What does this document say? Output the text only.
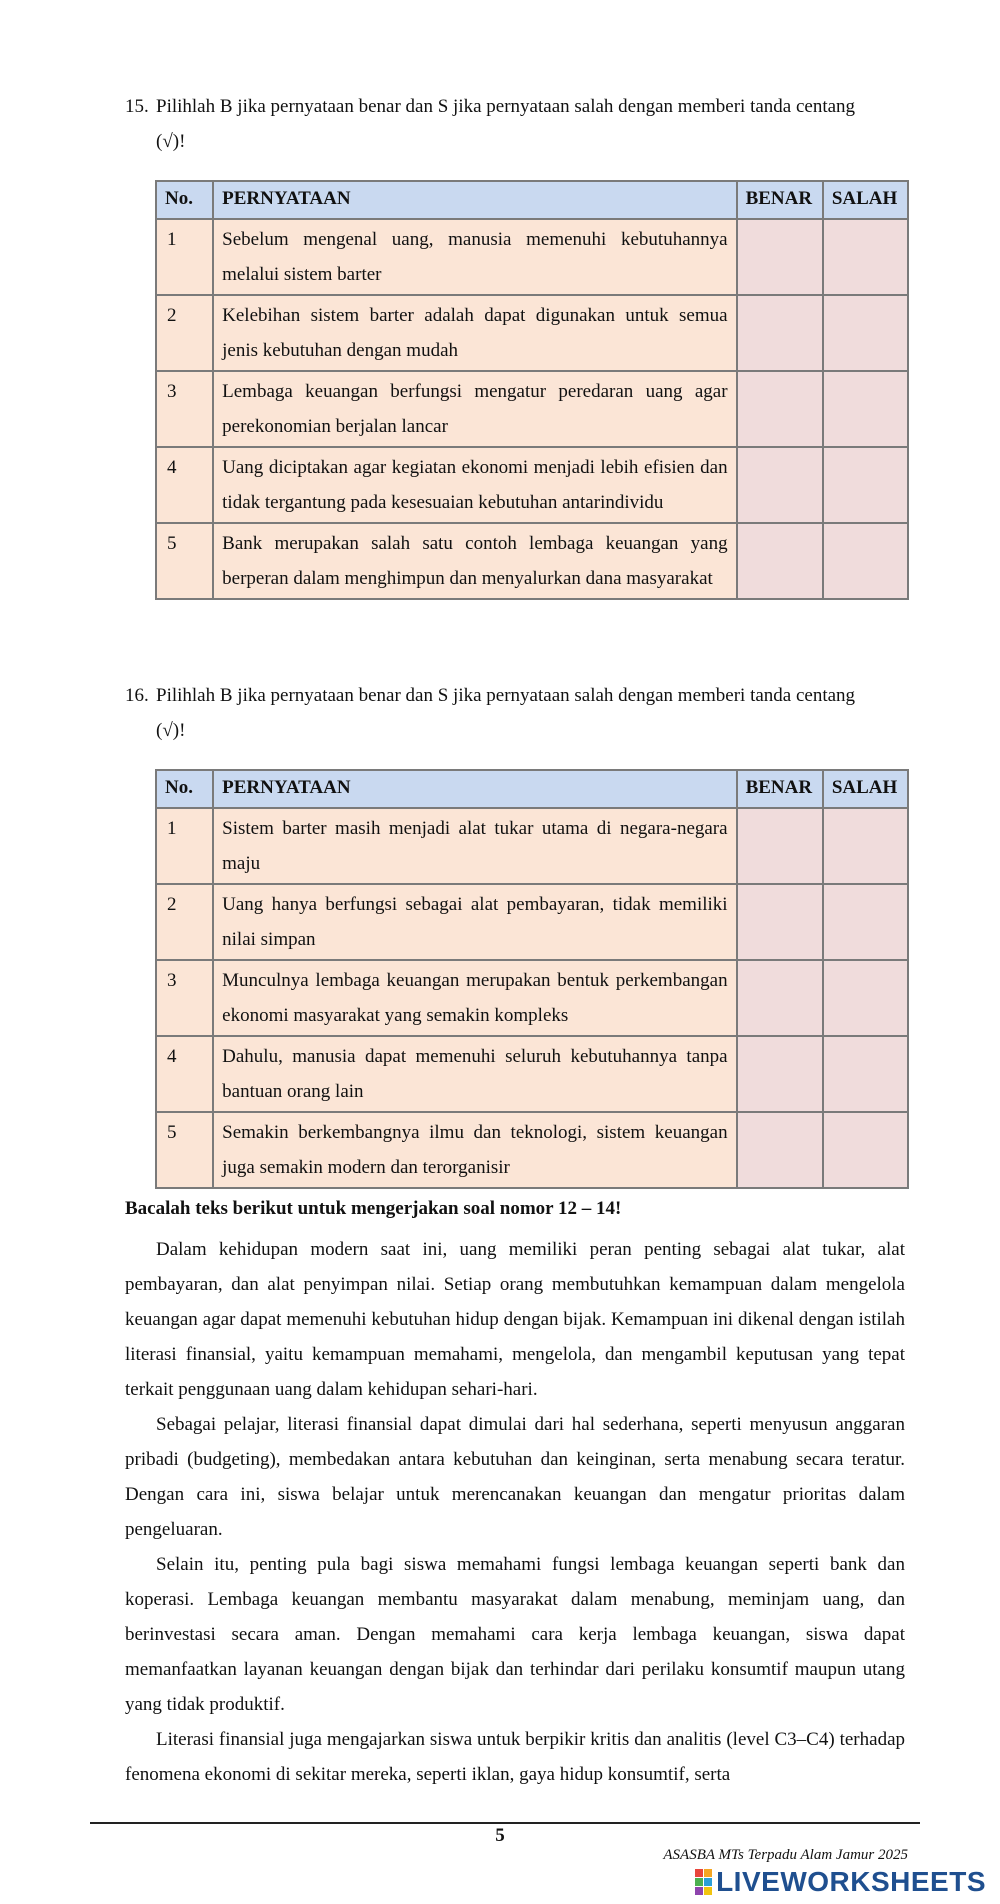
15. Pilihlah B jika pernyataan benar dan S jika pernyataan salah dengan memberi tanda centang
(√)!
No.	PERNYATAAN	BENAR	SALAH
1	Sebelum mengenal uang, manusia memenuhi kebutuhannya melalui sistem barter		
2	Kelebihan sistem barter adalah dapat digunakan untuk semua jenis kebutuhan dengan mudah		
3	Lembaga keuangan berfungsi mengatur peredaran uang agar perekonomian berjalan lancar		
4	Uang diciptakan agar kegiatan ekonomi menjadi lebih efisien dan tidak tergantung pada kesesuaian kebutuhan antarindividu		
5	Bank merupakan salah satu contoh lembaga keuangan yang berperan dalam menghimpun dan menyalurkan dana masyarakat		
16. Pilihlah B jika pernyataan benar dan S jika pernyataan salah dengan memberi tanda centang
(√)!
No.	PERNYATAAN	BENAR	SALAH
1	Sistem barter masih menjadi alat tukar utama di negara-negara maju		
2	Uang hanya berfungsi sebagai alat pembayaran, tidak memiliki nilai simpan		
3	Munculnya lembaga keuangan merupakan bentuk perkembangan ekonomi masyarakat yang semakin kompleks		
4	Dahulu, manusia dapat memenuhi seluruh kebutuhannya tanpa bantuan orang lain		
5	Semakin berkembangnya ilmu dan teknologi, sistem keuangan juga semakin modern dan terorganisir		
Bacalah teks berikut untuk mengerjakan soal nomor 12 – 14!

Dalam kehidupan modern saat ini, uang memiliki peran penting sebagai alat tukar, alat pembayaran, dan alat penyimpan nilai. Setiap orang membutuhkan kemampuan dalam mengelola keuangan agar dapat memenuhi kebutuhan hidup dengan bijak. Kemampuan ini dikenal dengan istilah literasi finansial, yaitu kemampuan memahami, mengelola, dan mengambil keputusan yang tepat terkait penggunaan uang dalam kehidupan sehari-hari.

Sebagai pelajar, literasi finansial dapat dimulai dari hal sederhana, seperti menyusun anggaran pribadi (budgeting), membedakan antara kebutuhan dan keinginan, serta menabung secara teratur. Dengan cara ini, siswa belajar untuk merencanakan keuangan dan mengatur prioritas dalam pengeluaran.

Selain itu, penting pula bagi siswa memahami fungsi lembaga keuangan seperti bank dan koperasi. Lembaga keuangan membantu masyarakat dalam menabung, meminjam uang, dan berinvestasi secara aman. Dengan memahami cara kerja lembaga keuangan, siswa dapat memanfaatkan layanan keuangan dengan bijak dan terhindar dari perilaku konsumtif maupun utang yang tidak produktif.

Literasi finansial juga mengajarkan siswa untuk berpikir kritis dan analitis (level C3–C4) terhadap fenomena ekonomi di sekitar mereka, seperti iklan, gaya hidup konsumtif, serta

5
ASASBA MTs Terpadu Alam Jamur 2025
LIVEWORKSHEETS
